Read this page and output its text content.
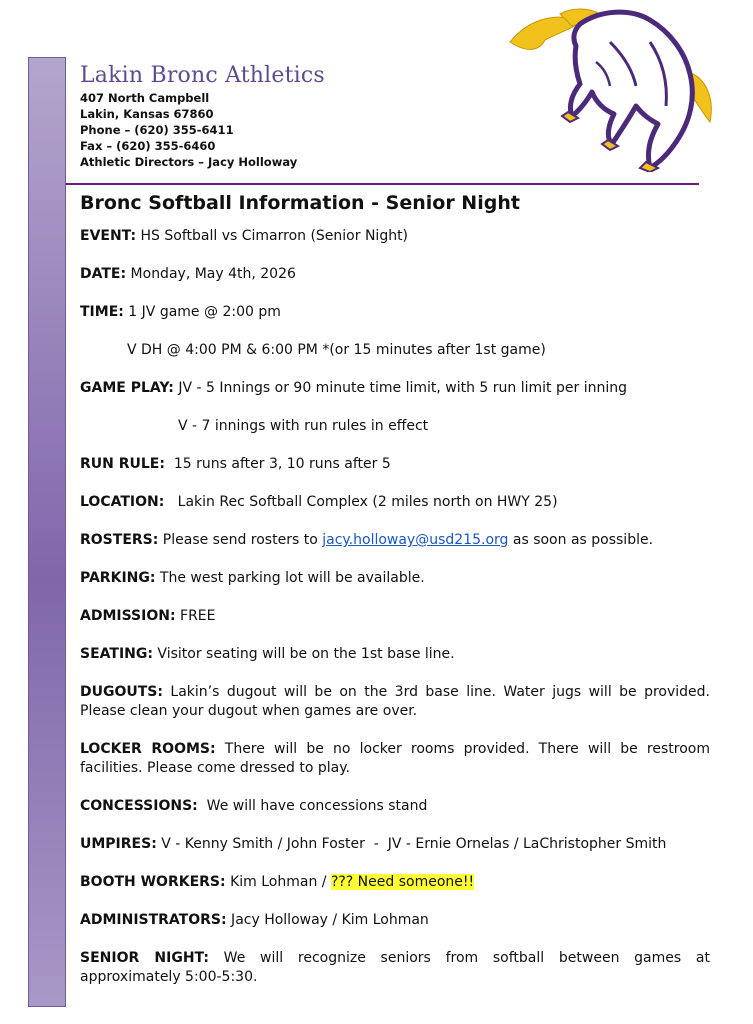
Lakin Bronc Athletics
407 North Campbell
Lakin, Kansas 67860
Phone – (620) 355-6411
Fax – (620) 355-6460
Athletic Directors – Jacy Holloway
Bronc Softball Information - Senior Night
EVENT: HS Softball vs Cimarron (Senior Night)
DATE: Monday, May 4th, 2026
TIME: 1 JV game @ 2:00 pm
V DH @ 4:00 PM & 6:00 PM *(or 15 minutes after 1st game)
GAME PLAY: JV - 5 Innings or 90 minute time limit, with 5 run limit per inning
V - 7 innings with run rules in effect
RUN RULE:  15 runs after 3, 10 runs after 5
LOCATION:   Lakin Rec Softball Complex (2 miles north on HWY 25)
ROSTERS: Please send rosters to jacy.holloway@usd215.org as soon as possible.
PARKING: The west parking lot will be available.
ADMISSION: FREE
SEATING: Visitor seating will be on the 1st base line.
DUGOUTS: Lakin’s dugout will be on the 3rd base line. Water jugs will be provided. Please clean your dugout when games are over.
LOCKER ROOMS: There will be no locker rooms provided. There will be restroom facilities. Please come dressed to play.
CONCESSIONS:  We will have concessions stand
UMPIRES: V - Kenny Smith / John Foster  -  JV - Ernie Ornelas / LaChristopher Smith
BOOTH WORKERS: Kim Lohman / ??? Need someone!!
ADMINISTRATORS: Jacy Holloway / Kim Lohman
SENIOR NIGHT: We will recognize seniors from softball between games at approximately 5:00-5:30.
